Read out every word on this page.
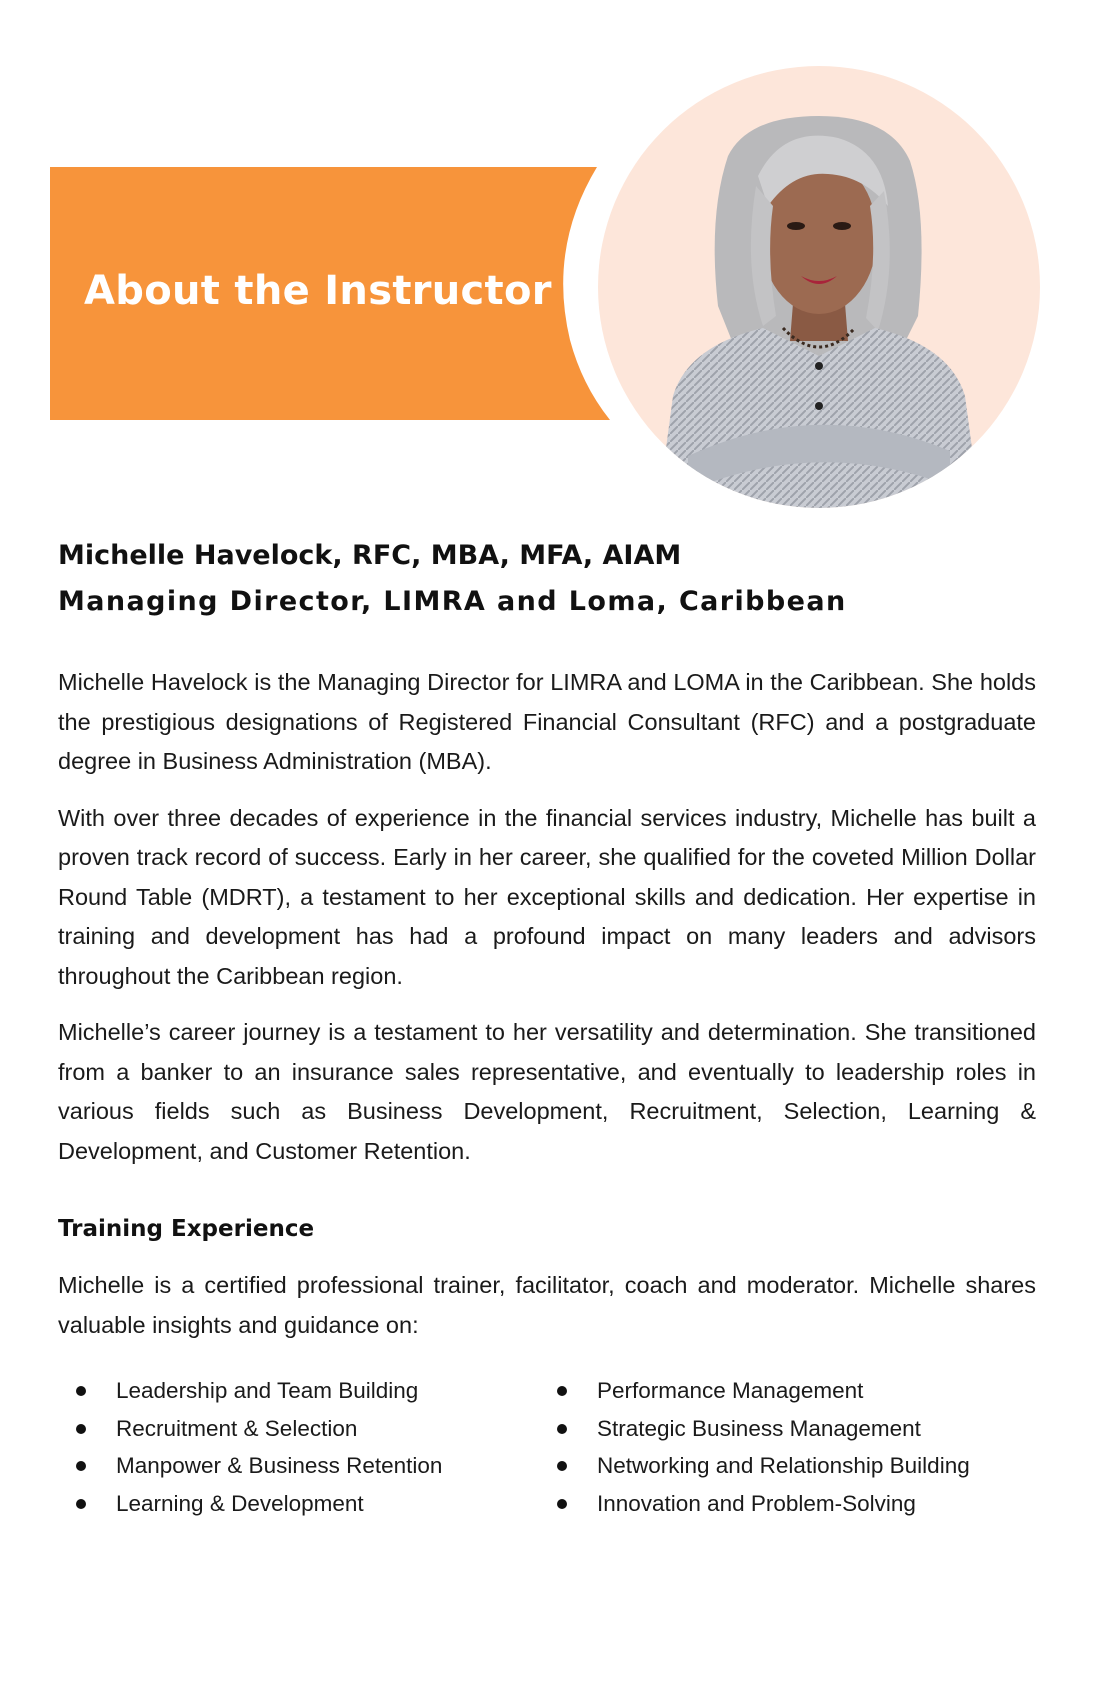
About the Instructor
Michelle Havelock, RFC, MBA, MFA, AIAM
Managing Director, LIMRA and Loma, Caribbean

Michelle Havelock is the Managing Director for LIMRA and LOMA in the Caribbean. She holds the prestigious designations of Registered Financial Consultant (RFC) and a postgraduate degree in Business Administration (MBA).

With over three decades of experience in the financial services industry, Michelle has built a proven track record of success. Early in her career, she qualified for the coveted Million Dollar Round Table (MDRT), a testament to her exceptional skills and dedication. Her expertise in training and development has had a profound impact on many leaders and advisors throughout the Caribbean region.

Michelle’s career journey is a testament to her versatility and determination. She transitioned from a banker to an insurance sales representative, and eventually to leadership roles in various fields such as Business Development, Recruitment, Selection, Learning & Development, and Customer Retention.

Training Experience

Michelle is a certified professional trainer, facilitator, coach and moderator. Michelle shares valuable insights and guidance on:

Leadership and Team Building
Recruitment & Selection
Manpower & Business Retention
Learning & Development
Performance Management
Strategic Business Management
Networking and Relationship Building
Innovation and Problem-Solving
